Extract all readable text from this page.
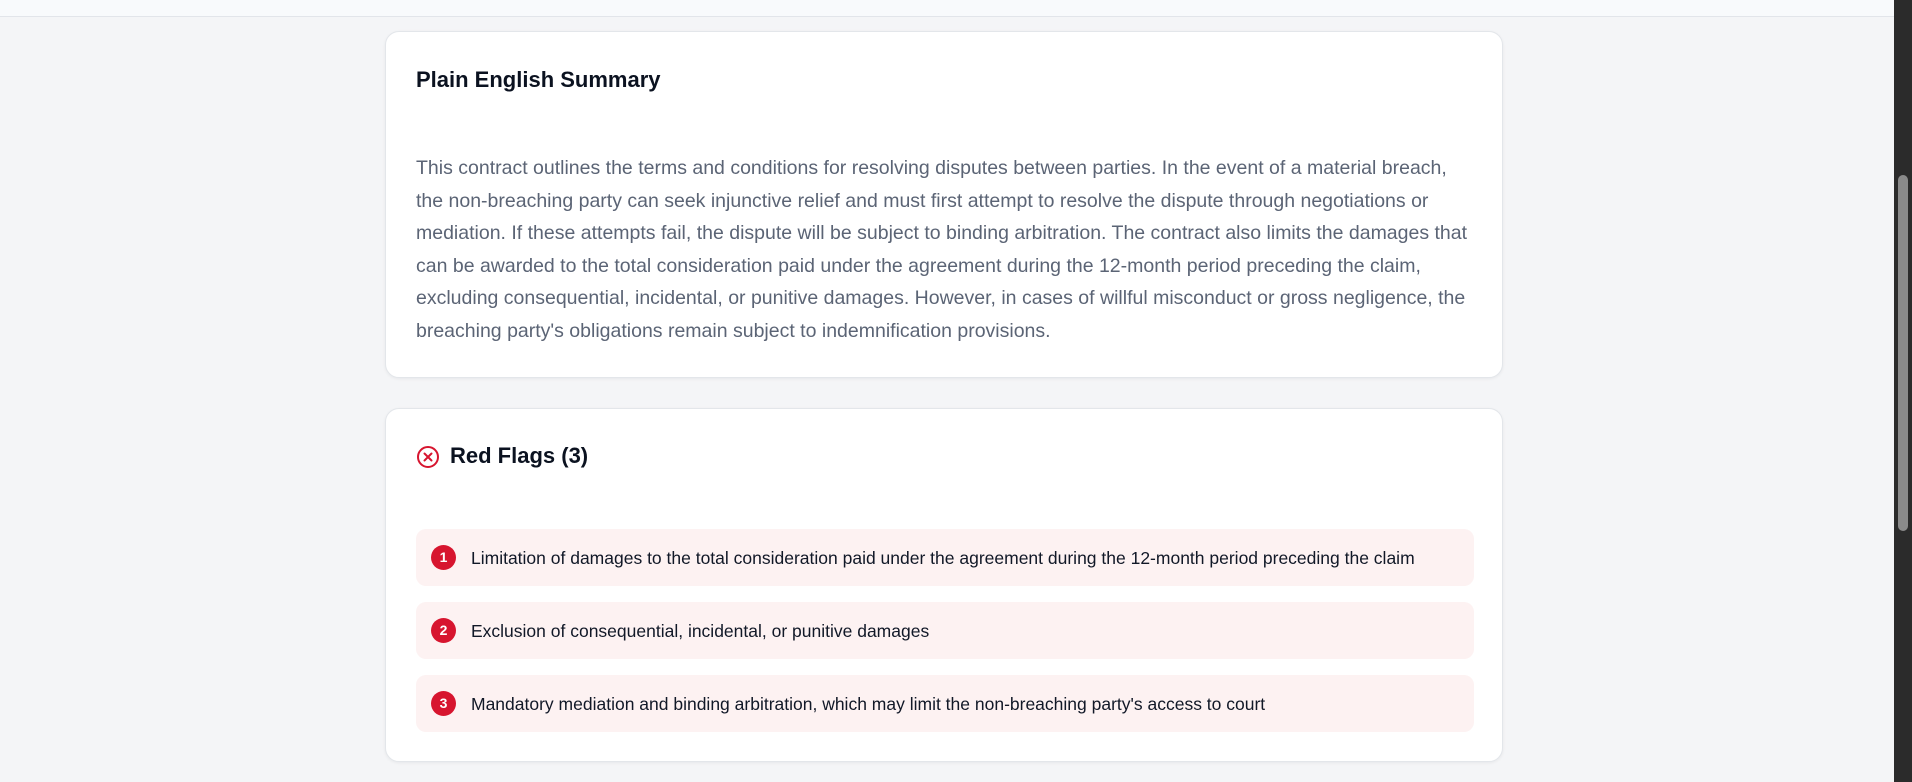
Plain English Summary

This contract outlines the terms and conditions for resolving disputes between parties. In the event of a material breach, the non-breaching party can seek injunctive relief and must first attempt to resolve the dispute through negotiations or mediation. If these attempts fail, the dispute will be subject to binding arbitration. The contract also limits the damages that can be awarded to the total consideration paid under the agreement during the 12-month period preceding the claim, excluding consequential, incidental, or punitive damages. However, in cases of willful misconduct or gross negligence, the breaching party's obligations remain subject to indemnification provisions.

Red Flags (3)
1	Limitation of damages to the total consideration paid under the agreement during the 12-month period preceding the claim
2	Exclusion of consequential, incidental, or punitive damages
3	Mandatory mediation and binding arbitration, which may limit the non-breaching party's access to court
